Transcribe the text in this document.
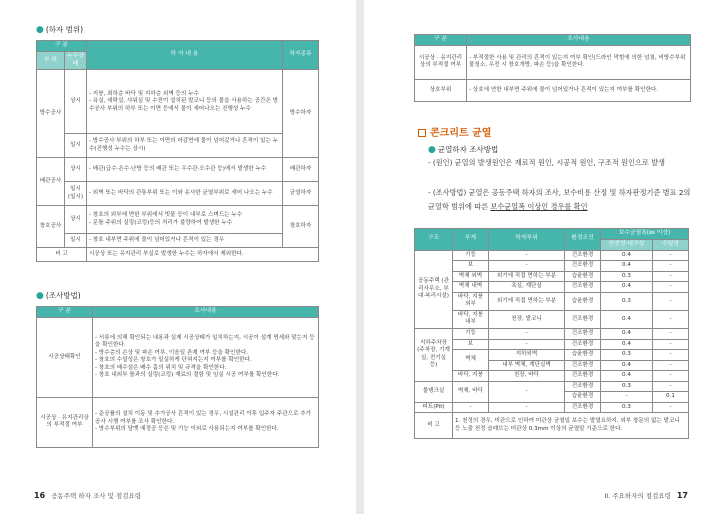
● (하자 범위)
구 분		하 자 내 용	하자종류
부 위	누수상태		
방수공사	상시	- 지붕, 최하층 바닥 및 지하층 외벽 등의 누수
- 욕실, 세탁실, 샤워실 및 수전이 설치된 발코니 등의 물을 사용하는 공간은 방수공사 부위의 하부 또는 이면 등에서 물이 새어나오는 진행성 누수	방수하자
	일시	- 방수공사 부위의 하부 또는 이면의 마감면에 물이 넘어갔거나 흔적이 있는 누수(진행성 누수는 상시)	
배관공사	상시	- 배관(급수·온수·난방 등의 배관 또는 우수관·오수관 등)에서 발생한 누수	배관하자
	일시 (일시)	- 외벽 또는 바닥의 관통부위 또는 이와 유사한 균열부위로 새어 나오는 누수	균열하자
창호공사	상시	- 창호의 외부에 면한 부위에서 빗물 등이 내부로 스며드는 누수
- 문틀 주위의 실링(코킹)등의 처리가 불량하여 발생한 누수	창호하자
	일시	- 창호 내부면 주위에 물이 넘어있거나 흔적이 있는 경우	
비 고		시공상 또는 유지관리 부실로 발생한 누수는 하자에서 제외한다.	
● (조사방법)
구 분	조사내용
시공상태확인	- 서류에 의해 확인되는 내용과 실제 시공상태가 일치하는지, 시공이 설계 명세와 맞는지 등을 확인한다.
- 방수층의 손상 및 파손 여부, 이음일 존재 여부 등을 확인한다.
- 창호의 수밀성은 창호가 밀실하게 단혀지는지 여부를 확인한다.
- 창호의 배수설은 배수 홈의 위치 및 규격을 확인한다.
- 창호 내외부 틀과의 실링(코킹) 재료의 결함 및 임실 시공 여부를 확인한다.
시공상 · 유지관리상의 부적절 여부	- 준공률의 설치 이동 및 추가공사 흔적이 있는 경우, 시설관리 이후 입주자 주관으로 추가공사 시행 여부를 조사 확인한다.
- 방수부위의 담뱃 예정공 등은 및 기능 이외로 사용되는지 여부를 확인한다.
16 공동주택 하자 조사 및 점검요령
구 분	조사내용
시공상 · 유지관리상의 부적절 여부	- 부적절한 사용 및 관리의 흔적이 있는지 여부 확인(드라인 막힘에 의한 넘침, 비방수부위 물청소, 우전 시 창호개방, 파손 등)을 확인한다.
상호부위	- 상호에 연한 내부면 주위에 물이 넘어있거나 흔적이 있는지 여부를 확인한다.
콘크리트 균열
● 균열하자 조사방법
- (원인) 균열의 발생원인은 재료적 원인, 시공적 원인, 구조적 원인으로 발생
- (조사방법) 균열은 공동주택 하자의 조사, 보수비용 산정 및 하자판정기준 별표 2의 균열학 범위에 따른 보수균열폭 이상인 경우를 확인
구조	부재	하자부위	환경조건	보수균열폭(㎜ 이상)	
				안전성·내구성	수밀성
공동주택 (관리사무소, 부대·복리시설)	기둥	-	건조환경	0.4	-
	보	-	건조환경	0.4	-
	벽체 외벽	외기에 직접 면하는 부분	습윤환경	0.3	-
	벽체 내벽	욕실, 계단실	건조환경	0.4	-
	바닥, 지붕 외부	외기에 직접 면하는 부분	습윤환경	0.3	-
	바닥, 지붕 내부	천장, 발코니	건조환경	0.4	-
지하주차장 (주차장, 기계실, 전기실 등)	기둥	-	건조환경	0.4	-
	보	-	건조환경	0.4	-
	벽체	지하외벽	습윤환경	0.3	-
		내부 벽체, 계단실벽	건조환경	0.4	-
	바닥, 지붕	천장, 바닥	건조환경	0.4	-
물탱크실	벽체, 바닥	-	건조환경	0.3	-
			습윤환경	-	0.1
피트(Pit)	-	-	건조환경	0.3	-
비 고	1. 천정의 경우, 미관으로 인하여 미관상 균열일 보수는 발열요하지, 외부 창문의 없는 발코니 등 노출 천정 슬래브는 미관상 0.3mm 이상의 균열말 기준으로 한다.				
II. 주요하자의 점검요령 17
